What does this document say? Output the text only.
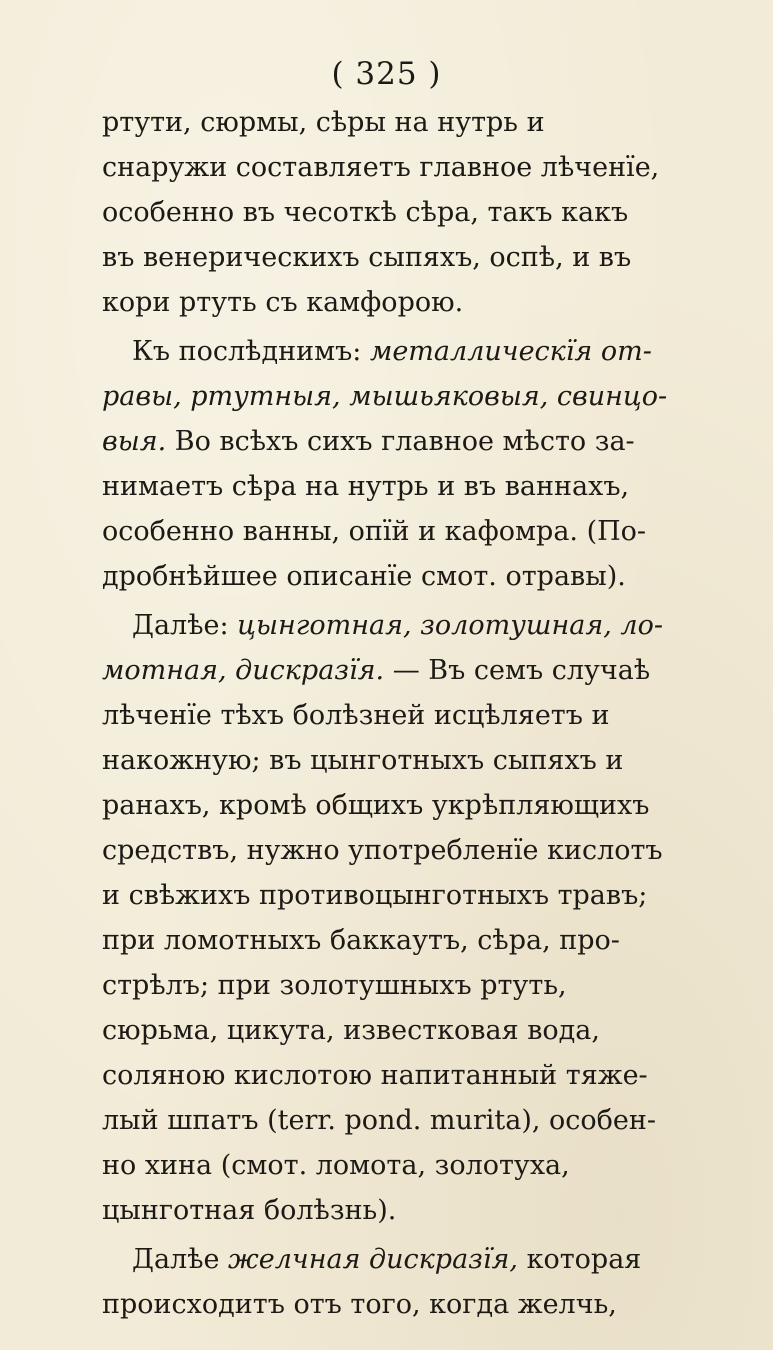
( 325 )
ртути, сюрмы, сѣры на нутрь и
снаружи составляетъ главное лѣченїе,
особенно въ чесоткѣ сѣра, такъ какъ
въ венерическихъ сыпяхъ, оспѣ, и въ
кори ртуть съ камфорою.
Къ послѣднимъ: металлическїя от-
равы, ртутныя, мышьяковыя, свинцо-
выя. Во всѣхъ сихъ главное мѣсто за-
нимаетъ сѣра на нутрь и въ ваннахъ,
особенно ванны, опїй и кафомра. (По-
дробнѣйшее описанїе смот. отравы).
Далѣе: цынготная, золотушная, ло-
мотная, дискразїя. — Въ семъ случаѣ
лѣченїе тѣхъ болѣзней исцѣляетъ и
накожную; въ цынготныхъ сыпяхъ и
ранахъ, кромѣ общихъ укрѣпляющихъ
средствъ, нужно употребленїе кислотъ
и свѣжихъ противоцынготныхъ травъ;
при ломотныхъ баккаутъ, сѣра, про-
стрѣлъ; при золотушныхъ ртуть,
сюрьма, цикута, известковая вода,
соляною кислотою напитанный тяже-
лый шпатъ (terr. pond. murita), особен-
но хина (смот. ломота, золотуха,
цынготная болѣзнь).
Далѣе желчная дискразїя, которая
происходитъ отъ того, когда желчь,
